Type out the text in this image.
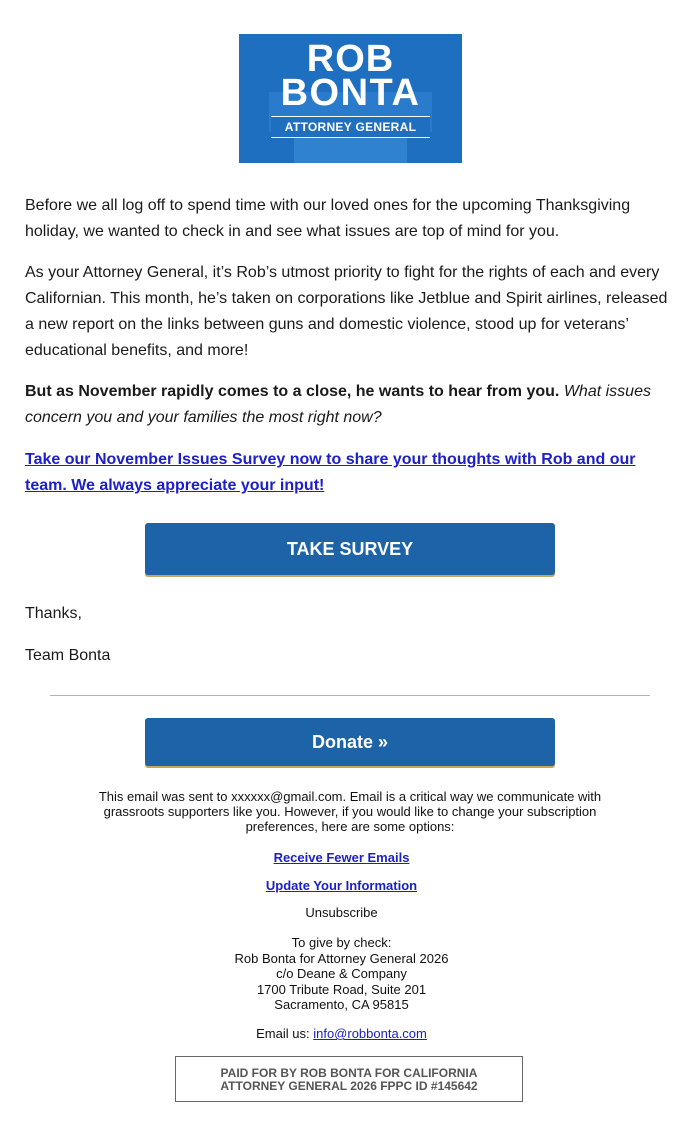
ROB
BONTA
ATTORNEY GENERAL

Before we all log off to spend time with our loved ones for the upcoming Thanksgiving holiday, we wanted to check in and see what issues are top of mind for you.

As your Attorney General, it’s Rob’s utmost priority to fight for the rights of each and every Californian. This month, he’s taken on corporations like Jetblue and Spirit airlines, released a new report on the links between guns and domestic violence, stood up for veterans’ educational benefits, and more!

But as November rapidly comes to a close, he wants to hear from you. What issues concern you and your families the most right now?

Take our November Issues Survey now to share your thoughts with Rob and our team. We always appreciate your input!

TAKE SURVEY
Thanks,
Team Bonta
Donate »
This email was sent to xxxxxx@gmail.com. Email is a critical way we communicate with grassroots supporters like you. However, if you would like to change your subscription preferences, here are some options:
Receive Fewer Emails
Update Your Information
Unsubscribe
To give by check:
Rob Bonta for Attorney General 2026
c/o Deane & Company
1700 Tribute Road, Suite 201
Sacramento, CA 95815
Email us: info@robbonta.com
PAID FOR BY ROB BONTA FOR CALIFORNIA
ATTORNEY GENERAL 2026 FPPC ID #145642
